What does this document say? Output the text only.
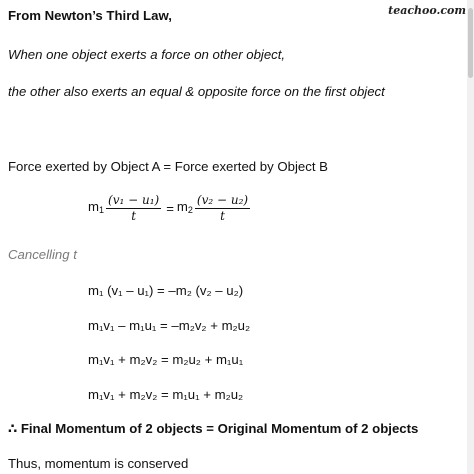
teachoo.com
From Newton’s Third Law,
When one object exerts a force on other object,
the other also exerts an equal & opposite force on the first object
Force exerted by Object A = Force exerted by Object B
$m_1 \frac{\text{(v₁ − u₁)}}{t} = m_2 \frac{\text{(v₂ − u₂)}}{t}$
Cancelling t
m₁ (v₁ – u₁) = –m₂ (v₂ – u₂)
m₁v₁ – m₁u₁ = –m₂v₂ + m₂u₂
m₁v₁ + m₂v₂ = m₂u₂ + m₁u₁
m₁v₁ + m₂v₂ = m₁u₁ + m₂u₂
∴ Final Momentum of 2 objects = Original Momentum of 2 objects
Thus, momentum is conserved
